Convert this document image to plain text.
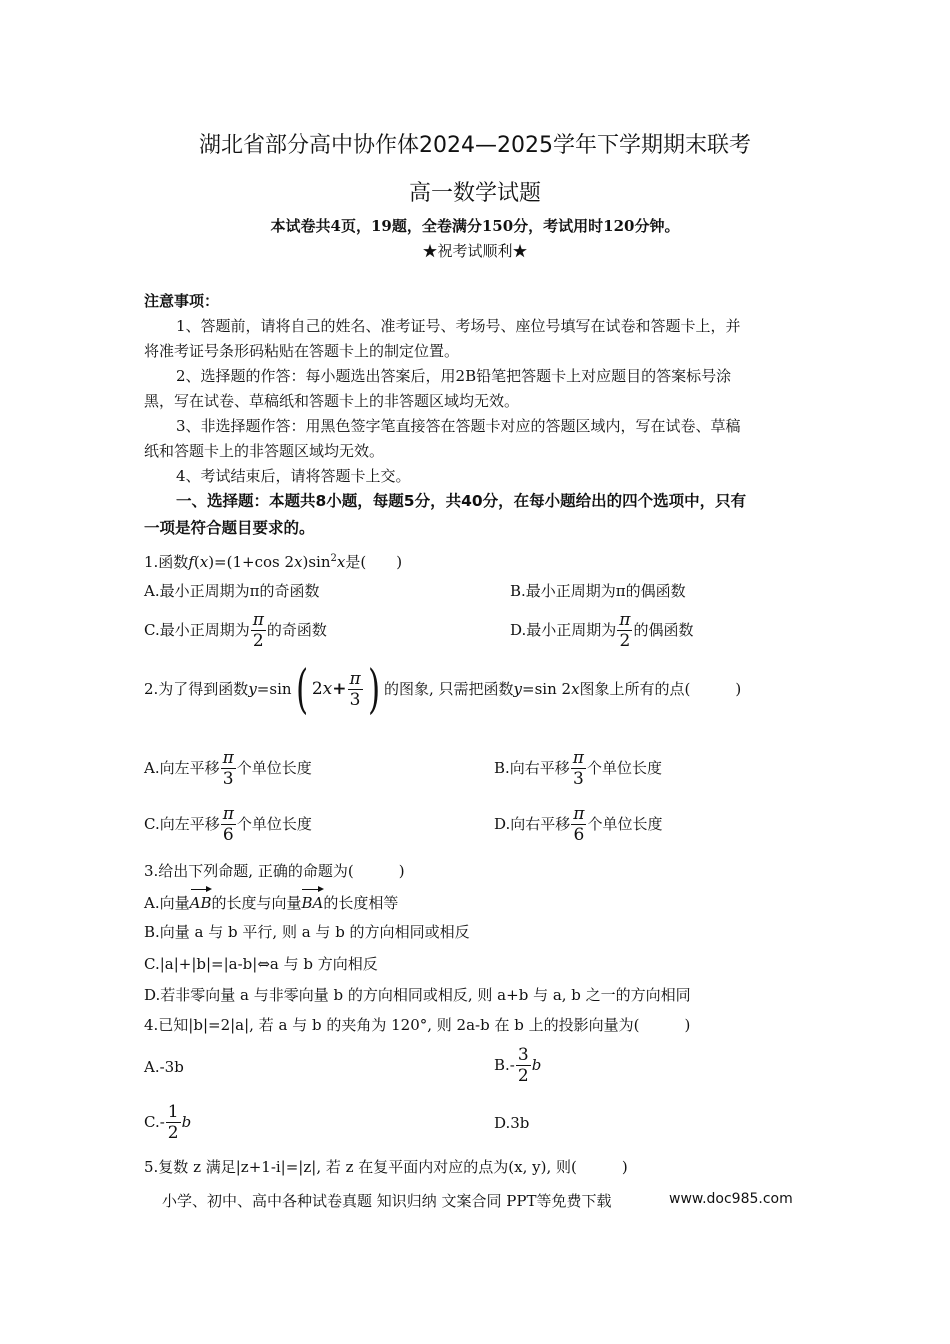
湖北省部分高中协作体2024—2025学年下学期期末联考
高一数学试题
本试卷共4页，19题，全卷满分150分，考试用时120分钟。
★祝考试顺利★
注意事项：
1、答题前，请将自己的姓名、准考证号、考场号、座位号填写在试卷和答题卡上，并
将准考证号条形码粘贴在答题卡上的制定位置。
2、选择题的作答：每小题选出答案后，用2B铅笔把答题卡上对应题目的答案标号涂
黑，写在试卷、草稿纸和答题卡上的非答题区域均无效。
3、非选择题作答：用黑色签字笔直接答在答题卡对应的答题区域内，写在试卷、草稿
纸和答题卡上的非答题区域均无效。
4、考试结束后，请将答题卡上交。
一、选择题：本题共8小题，每题5分，共40分，在每小题给出的四个选项中，只有
一项是符合题目要求的。
1.函数f(x)=(1+cos $2x)\sin^2x$是(　　)
A.最小正周期为π的奇函数	B.最小正周期为π的偶函数
C.最小正周期为 $\frac{\pi}{2}$ 的奇函数	D.最小正周期为 $\frac{\pi}{2}$ 的偶函数
2.为了得到函数y=sin( $2x+ \frac{\pi}{3}$ ) 的图象, 只需把函数y=sin 2x图象上所有的点(　　　)
A.向左平移 $\frac{\pi}{3}$ 个单位长度	B.向右平移 $\frac{\pi}{3}$ 个单位长度
C.向左平移 $\frac{\pi}{6}$ 个单位长度	D.向右平移 $\frac{\pi}{6}$ 个单位长度
3.给出下列命题, 正确的命题为(　　　)
A.向量AB的长度与向量BA的长度相等
B.向量 a 与 b 平行, 则 a 与 b 的方向相同或相反
C.|a|+|b|=|a-b|⇔a 与 b 方向相反
D.若非零向量 a 与非零向量 b 的方向相同或相反, 则 a+b 与 a, b 之一的方向相同
4.已知|b|=2|a|, 若 a 与 b 的夹角为 120°, 则 2a-b 在 b 上的投影向量为(　　　)
A.-3b	$B.- \frac{3}{2}$ b
$C.- \frac{1}{2}$ b	D.3b
5.复数 z 满足|z+1-i|=|z|, 若 z 在复平面内对应的点为(x, y), 则(　　　)
小学、初中、高中各种试卷真题 知识归纳 文案合同 PPT等免费下载	www.doc985.com
